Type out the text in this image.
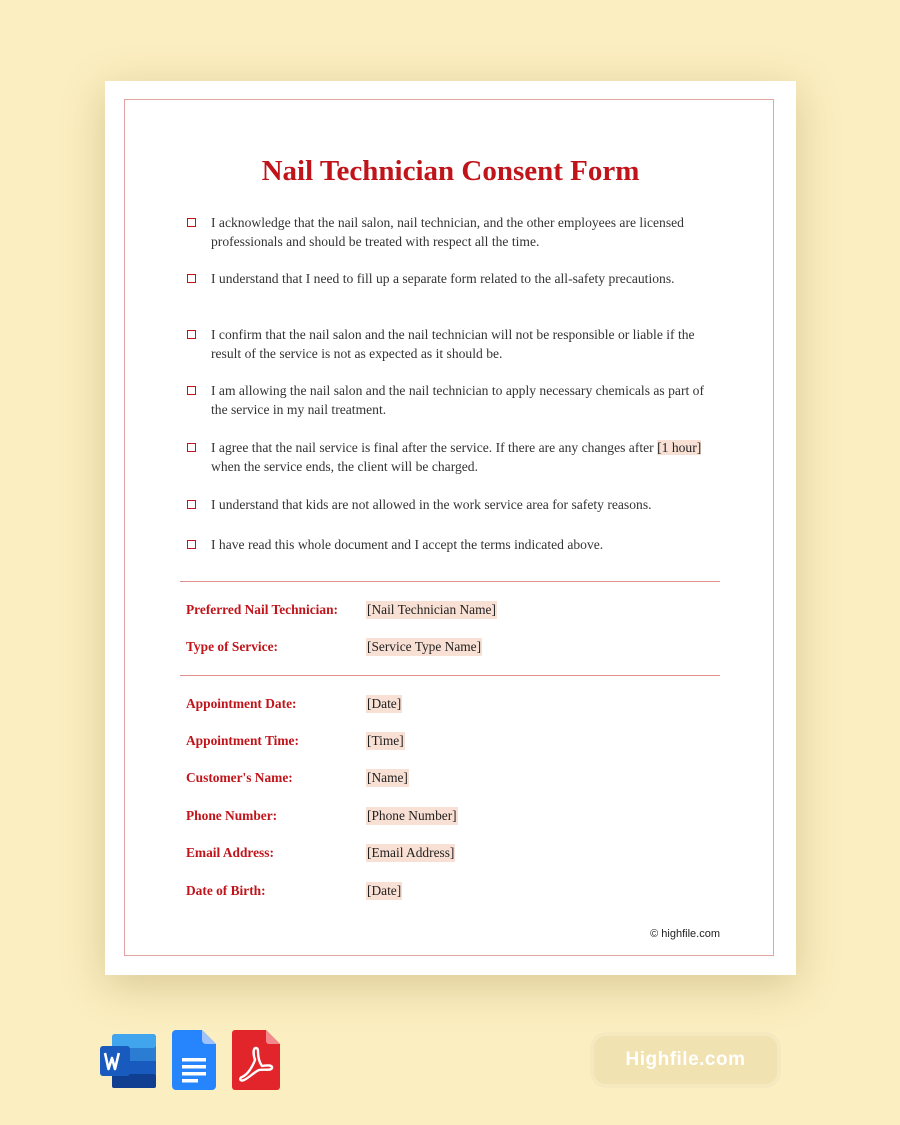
Nail Technician Consent Form
I acknowledge that the nail salon, nail technician, and the other employees are licensed professionals and should be treated with respect all the time.
I understand that I need to fill up a separate form related to the all-safety precautions.
I confirm that the nail salon and the nail technician will not be responsible or liable if the result of the service is not as expected as it should be.
I am allowing the nail salon and the nail technician to apply necessary chemicals as part of the service in my nail treatment.
I agree that the nail service is final after the service. If there are any changes after [1 hour] when the service ends, the client will be charged.
I understand that kids are not allowed in the work service area for safety reasons.
I have read this whole document and I accept the terms indicated above.
Preferred Nail Technician: [Nail Technician Name]
Type of Service:	[Service Type Name]
Appointment Date:	[Date]
Appointment Time:	[Time]
Customer's Name:	[Name]
Phone Number:	[Phone Number]
Email Address:	[Email Address]
Date of Birth:	[Date]
© highfile.com
Highfile.com
